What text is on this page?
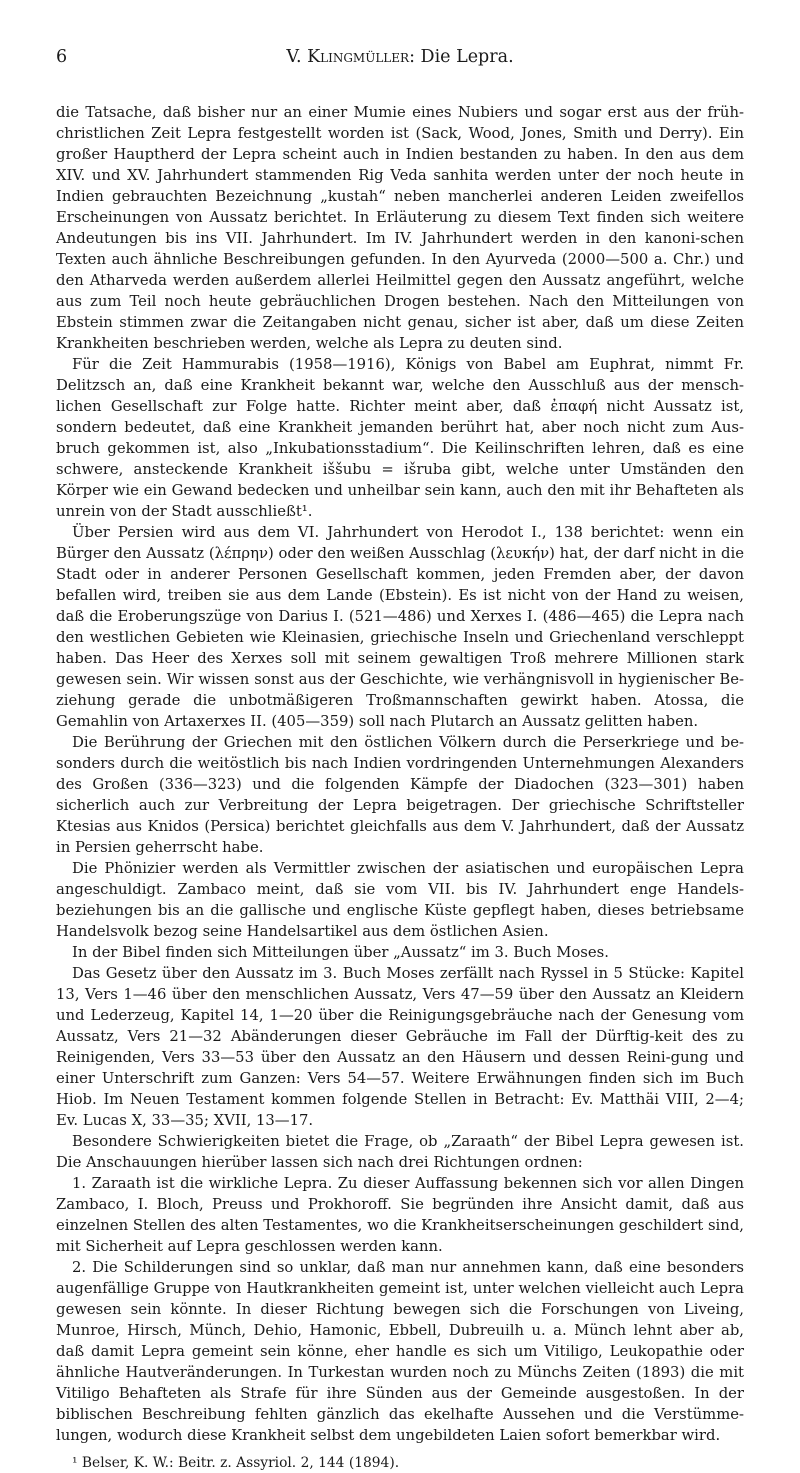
6	V. Klingmüller: Die Lepra.

die Tatsache, daß bisher nur an einer Mumie eines Nubiers und sogar erst aus der früh-christlichen Zeit Lepra festgestellt worden ist (Sack, Wood, Jones, Smith und Derry). Ein großer Hauptherd der Lepra scheint auch in Indien bestanden zu haben. In den aus dem XIV. und XV. Jahrhundert stammenden Rig Veda sanhita werden unter der noch heute in Indien gebrauchten Bezeichnung „kustah“ neben mancherlei anderen Leiden zweifellos Erscheinungen von Aussatz berichtet. In Erläuterung zu diesem Text finden sich weitere Andeutungen bis ins VII. Jahrhundert. Im IV. Jahrhundert werden in den kanoni-schen Texten auch ähnliche Beschreibungen gefunden. In den Ayurveda (2000—500 a. Chr.) und den Atharveda werden außerdem allerlei Heilmittel gegen den Aussatz angeführt, welche aus zum Teil noch heute gebräuchlichen Drogen bestehen. Nach den Mitteilungen von Ebstein stimmen zwar die Zeitangaben nicht genau, sicher ist aber, daß um diese Zeiten Krankheiten beschrieben werden, welche als Lepra zu deuten sind.

Für die Zeit Hammurabis (1958—1916), Königs von Babel am Euphrat, nimmt Fr. Delitzsch an, daß eine Krankheit bekannt war, welche den Ausschluß aus der mensch-lichen Gesellschaft zur Folge hatte. Richter meint aber, daß ἐπαφή nicht Aussatz ist, sondern bedeutet, daß eine Krankheit jemanden berührt hat, aber noch nicht zum Aus-bruch gekommen ist, also „Inkubationsstadium“. Die Keilinschriften lehren, daß es eine schwere, ansteckende Krankheit iššubu = išruba gibt, welche unter Umständen den Körper wie ein Gewand bedecken und unheilbar sein kann, auch den mit ihr Behafteten als unrein von der Stadt ausschließt¹.

Über Persien wird aus dem VI. Jahrhundert von Herodot I., 138 berichtet: wenn ein Bürger den Aussatz (λέπρην) oder den weißen Ausschlag (λευκήν) hat, der darf nicht in die Stadt oder in anderer Personen Gesellschaft kommen, jeden Fremden aber, der davon befallen wird, treiben sie aus dem Lande (Ebstein). Es ist nicht von der Hand zu weisen, daß die Eroberungszüge von Darius I. (521—486) und Xerxes I. (486—465) die Lepra nach den westlichen Gebieten wie Kleinasien, griechische Inseln und Griechenland verschleppt haben. Das Heer des Xerxes soll mit seinem gewaltigen Troß mehrere Millionen stark gewesen sein. Wir wissen sonst aus der Geschichte, wie verhängnisvoll in hygienischer Be-ziehung gerade die unbotmäßigeren Troßmannschaften gewirkt haben. Atossa, die Gemahlin von Artaxerxes II. (405—359) soll nach Plutarch an Aussatz gelitten haben.

Die Berührung der Griechen mit den östlichen Völkern durch die Perserkriege und be-sonders durch die weitöstlich bis nach Indien vordringenden Unternehmungen Alexanders des Großen (336—323) und die folgenden Kämpfe der Diadochen (323—301) haben sicherlich auch zur Verbreitung der Lepra beigetragen. Der griechische Schriftsteller Ktesias aus Knidos (Persica) berichtet gleichfalls aus dem V. Jahrhundert, daß der Aussatz in Persien geherrscht habe.

Die Phönizier werden als Vermittler zwischen der asiatischen und europäischen Lepra angeschuldigt. Zambaco meint, daß sie vom VII. bis IV. Jahrhundert enge Handels-beziehungen bis an die gallische und englische Küste gepflegt haben, dieses betriebsame Handelsvolk bezog seine Handelsartikel aus dem östlichen Asien.

In der Bibel finden sich Mitteilungen über „Aussatz“ im 3. Buch Moses.

Das Gesetz über den Aussatz im 3. Buch Moses zerfällt nach Ryssel in 5 Stücke: Kapitel 13, Vers 1—46 über den menschlichen Aussatz, Vers 47—59 über den Aussatz an Kleidern und Lederzeug, Kapitel 14, 1—20 über die Reinigungsgebräuche nach der Genesung vom Aussatz, Vers 21—32 Abänderungen dieser Gebräuche im Fall der Dürftig-keit des zu Reinigenden, Vers 33—53 über den Aussatz an den Häusern und dessen Reini-gung und einer Unterschrift zum Ganzen: Vers 54—57. Weitere Erwähnungen finden sich im Buch Hiob. Im Neuen Testament kommen folgende Stellen in Betracht: Ev. Matthäi VIII, 2—4; Ev. Lucas X, 33—35; XVII, 13—17.

Besondere Schwierigkeiten bietet die Frage, ob „Zaraath“ der Bibel Lepra gewesen ist. Die Anschauungen hierüber lassen sich nach drei Richtungen ordnen:

1. Zaraath ist die wirkliche Lepra. Zu dieser Auffassung bekennen sich vor allen Dingen Zambaco, I. Bloch, Preuss und Prokhoroff. Sie begründen ihre Ansicht damit, daß aus einzelnen Stellen des alten Testamentes, wo die Krankheitserscheinungen geschildert sind, mit Sicherheit auf Lepra geschlossen werden kann.

2. Die Schilderungen sind so unklar, daß man nur annehmen kann, daß eine besonders augenfällige Gruppe von Hautkrankheiten gemeint ist, unter welchen vielleicht auch Lepra gewesen sein könnte. In dieser Richtung bewegen sich die Forschungen von Liveing, Munroe, Hirsch, Münch, Dehio, Hamonic, Ebbell, Dubreuilh u. a. Münch lehnt aber ab, daß damit Lepra gemeint sein könne, eher handle es sich um Vitiligo, Leukopathie oder ähnliche Hautveränderungen. In Turkestan wurden noch zu Münchs Zeiten (1893) die mit Vitiligo Behafteten als Strafe für ihre Sünden aus der Gemeinde ausgestoßen. In der biblischen Beschreibung fehlten gänzlich das ekelhafte Aussehen und die Verstümme-lungen, wodurch diese Krankheit selbst dem ungebildeten Laien sofort bemerkbar wird.

¹ Belser, K. W.: Beitr. z. Assyriol. 2, 144 (1894).
